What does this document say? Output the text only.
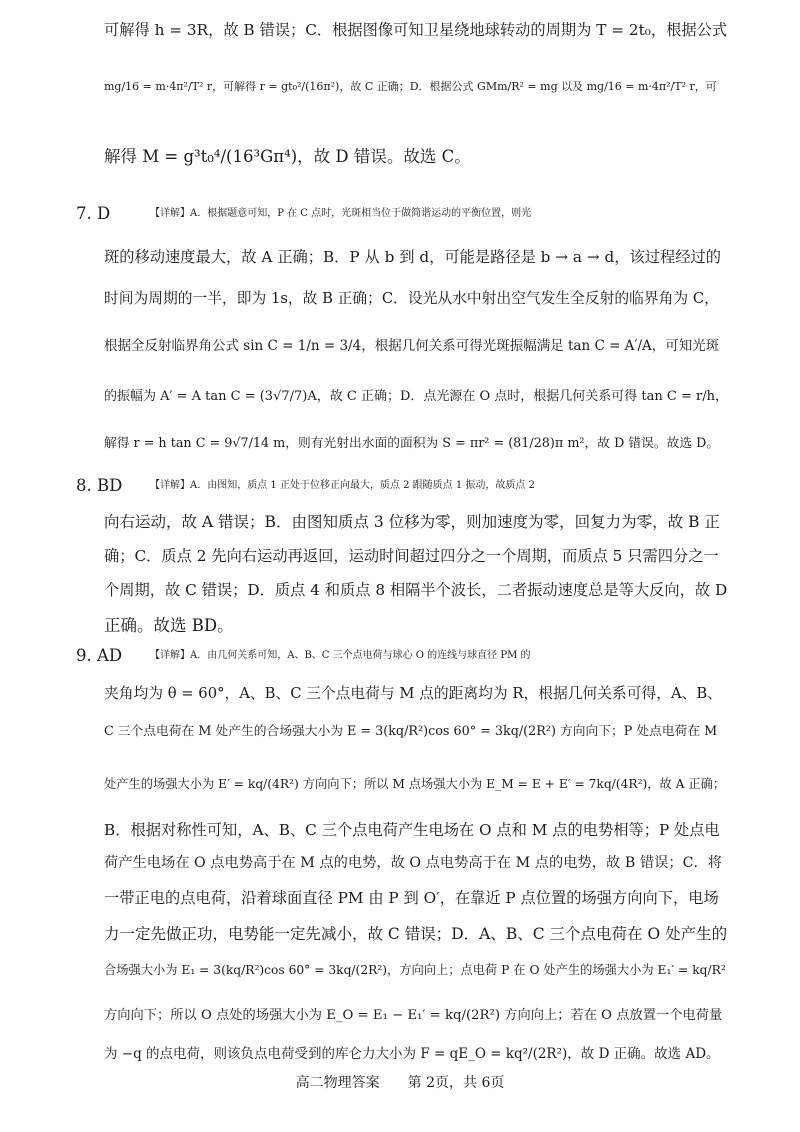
可解得 h = 3R，故 B 错误；C．根据图像可知卫星绕地球转动的周期为 T = 2t₀，根据公式
mg/16 = m·4π²/T² r，可解得 r = gt₀²/(16π²)，故 C 正确；D．根据公式 GMm/R² = mg 以及 mg/16 = m·4π²/T² r，可
解得 M = g³t₀⁴/(16³Gπ⁴)，故 D 错误。故选 C。
7. D	【详解】A．根据题意可知，P 在 C 点时，光斑相当位于做简谐运动的平衡位置，则光
斑的移动速度最大，故 A 正确；B．P 从 b 到 d，可能是路径是 b → a → d，该过程经过的
时间为周期的一半，即为 1s，故 B 正确；C．设光从水中射出空气发生全反射的临界角为 C，
根据全反射临界角公式 sin C = 1/n = 3/4，根据几何关系可得光斑振幅满足 tan C = A′/A，可知光斑
的振幅为 A′ = A tan C = (3√7/7)A，故 C 正确；D．点光源在 O 点时，根据几何关系可得 tan C = r/h，
解得 r = h tan C = 9√7/14 m，则有光射出水面的面积为 S = πr² = (81/28)π m²，故 D 错误。故选 D。
8. BD	【详解】A．由图知，质点 1 正处于位移正向最大，质点 2 跟随质点 1 振动，故质点 2
向右运动，故 A 错误；B．由图知质点 3 位移为零，则加速度为零，回复力为零，故 B 正
确；C．质点 2 先向右运动再返回，运动时间超过四分之一个周期，而质点 5 只需四分之一
个周期，故 C 错误；D．质点 4 和质点 8 相隔半个波长，二者振动速度总是等大反向，故 D
正确。故选 BD。
9. AD	【详解】A．由几何关系可知，A、B、C 三个点电荷与球心 O 的连线与球直径 PM 的
夹角均为 θ = 60°，A、B、C 三个点电荷与 M 点的距离均为 R，根据几何关系可得，A、B、
C 三个点电荷在 M 处产生的合场强大小为 E = 3(kq/R²)cos 60° = 3kq/(2R²) 方向向下；P 处点电荷在 M
处产生的场强大小为 E′ = kq/(4R²) 方向向下；所以 M 点场强大小为 E_M = E + E′ = 7kq/(4R²)，故 A 正确；
B．根据对称性可知，A、B、C 三个点电荷产生电场在 O 点和 M 点的电势相等；P 处点电
荷产生电场在 O 点电势高于在 M 点的电势，故 O 点电势高于在 M 点的电势，故 B 错误；C．将
一带正电的点电荷，沿着球面直径 PM 由 P 到 O′，在靠近 P 点位置的场强方向向下，电场
力一定先做正功，电势能一定先减小，故 C 错误；D．A、B、C 三个点电荷在 O 处产生的
合场强大小为 E₁ = 3(kq/R²)cos 60° = 3kq/(2R²)，方向向上；点电荷 P 在 O 处产生的场强大小为 E₁′ = kq/R²
方向向下；所以 O 点处的场强大小为 E_O = E₁ − E₁′ = kq/(2R²) 方向向上；若在 O 点放置一个电荷量
为 −q 的点电荷，则该负点电荷受到的库仑力大小为 F = qE_O = kq²/(2R²)，故 D 正确。故选 AD。
高二物理答案　　第 2页，共 6页
